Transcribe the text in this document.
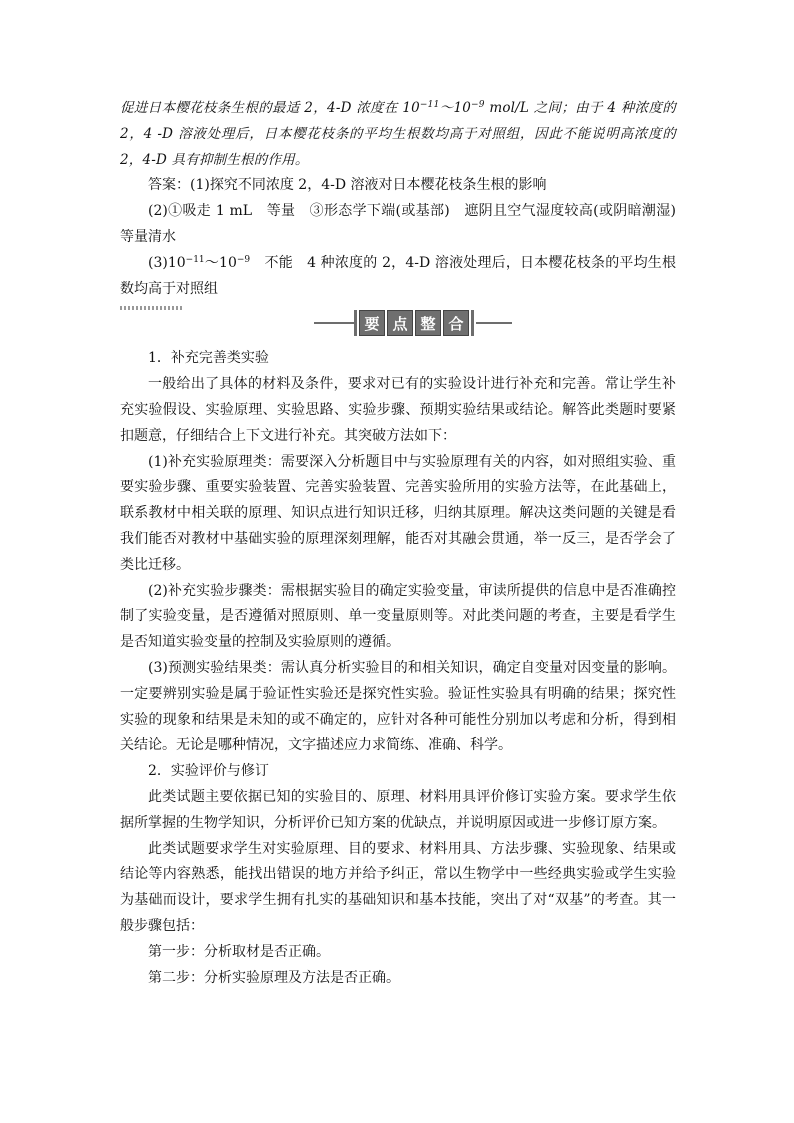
促进日本樱花枝条生根的最适 2，4-D 浓度在 $10^{-11}\sim 10^{-9}$ mol/L 之间；由于 4 种浓度的 2，4 -D 溶液处理后，日本樱花枝条的平均生根数均高于对照组，因此不能说明高浓度的 2，4-D 具有抑制生根的作用。

答案：(1)探究不同浓度 2，4-D 溶液对日本樱花枝条生根的影响

(2)①吸走 1 mL　等量　③形态学下端(或基部)　遮阴且空气湿度较高(或阴暗潮湿)　等量清水

$(3)10^{-11}\sim 10^{-9}$　不能　4 种浓度的 2，4-D 溶液处理后，日本樱花枝条的平均生根数均高于对照组

要 点 整 合

1．补充完善类实验

一般给出了具体的材料及条件，要求对已有的实验设计进行补充和完善。常让学生补充实验假设、实验原理、实验思路、实验步骤、预期实验结果或结论。解答此类题时要紧扣题意，仔细结合上下文进行补充。其突破方法如下：

(1)补充实验原理类：需要深入分析题目中与实验原理有关的内容，如对照组实验、重要实验步骤、重要实验装置、完善实验装置、完善实验所用的实验方法等，在此基础上，联系教材中相关联的原理、知识点进行知识迁移，归纳其原理。解决这类问题的关键是看我们能否对教材中基础实验的原理深刻理解，能否对其融会贯通，举一反三，是否学会了类比迁移。

(2)补充实验步骤类：需根据实验目的确定实验变量，审读所提供的信息中是否准确控制了实验变量，是否遵循对照原则、单一变量原则等。对此类问题的考查，主要是看学生是否知道实验变量的控制及实验原则的遵循。

(3)预测实验结果类：需认真分析实验目的和相关知识，确定自变量对因变量的影响。一定要辨别实验是属于验证性实验还是探究性实验。验证性实验具有明确的结果；探究性实验的现象和结果是未知的或不确定的，应针对各种可能性分别加以考虑和分析，得到相关结论。无论是哪种情况，文字描述应力求简练、准确、科学。

2．实验评价与修订

此类试题主要依据已知的实验目的、原理、材料用具评价修订实验方案。要求学生依据所掌握的生物学知识，分析评价已知方案的优缺点，并说明原因或进一步修订原方案。

此类试题要求学生对实验原理、目的要求、材料用具、方法步骤、实验现象、结果或结论等内容熟悉，能找出错误的地方并给予纠正，常以生物学中一些经典实验或学生实验为基础而设计，要求学生拥有扎实的基础知识和基本技能，突出了对“双基”的考查。其一般步骤包括：

第一步：分析取材是否正确。

第二步：分析实验原理及方法是否正确。
